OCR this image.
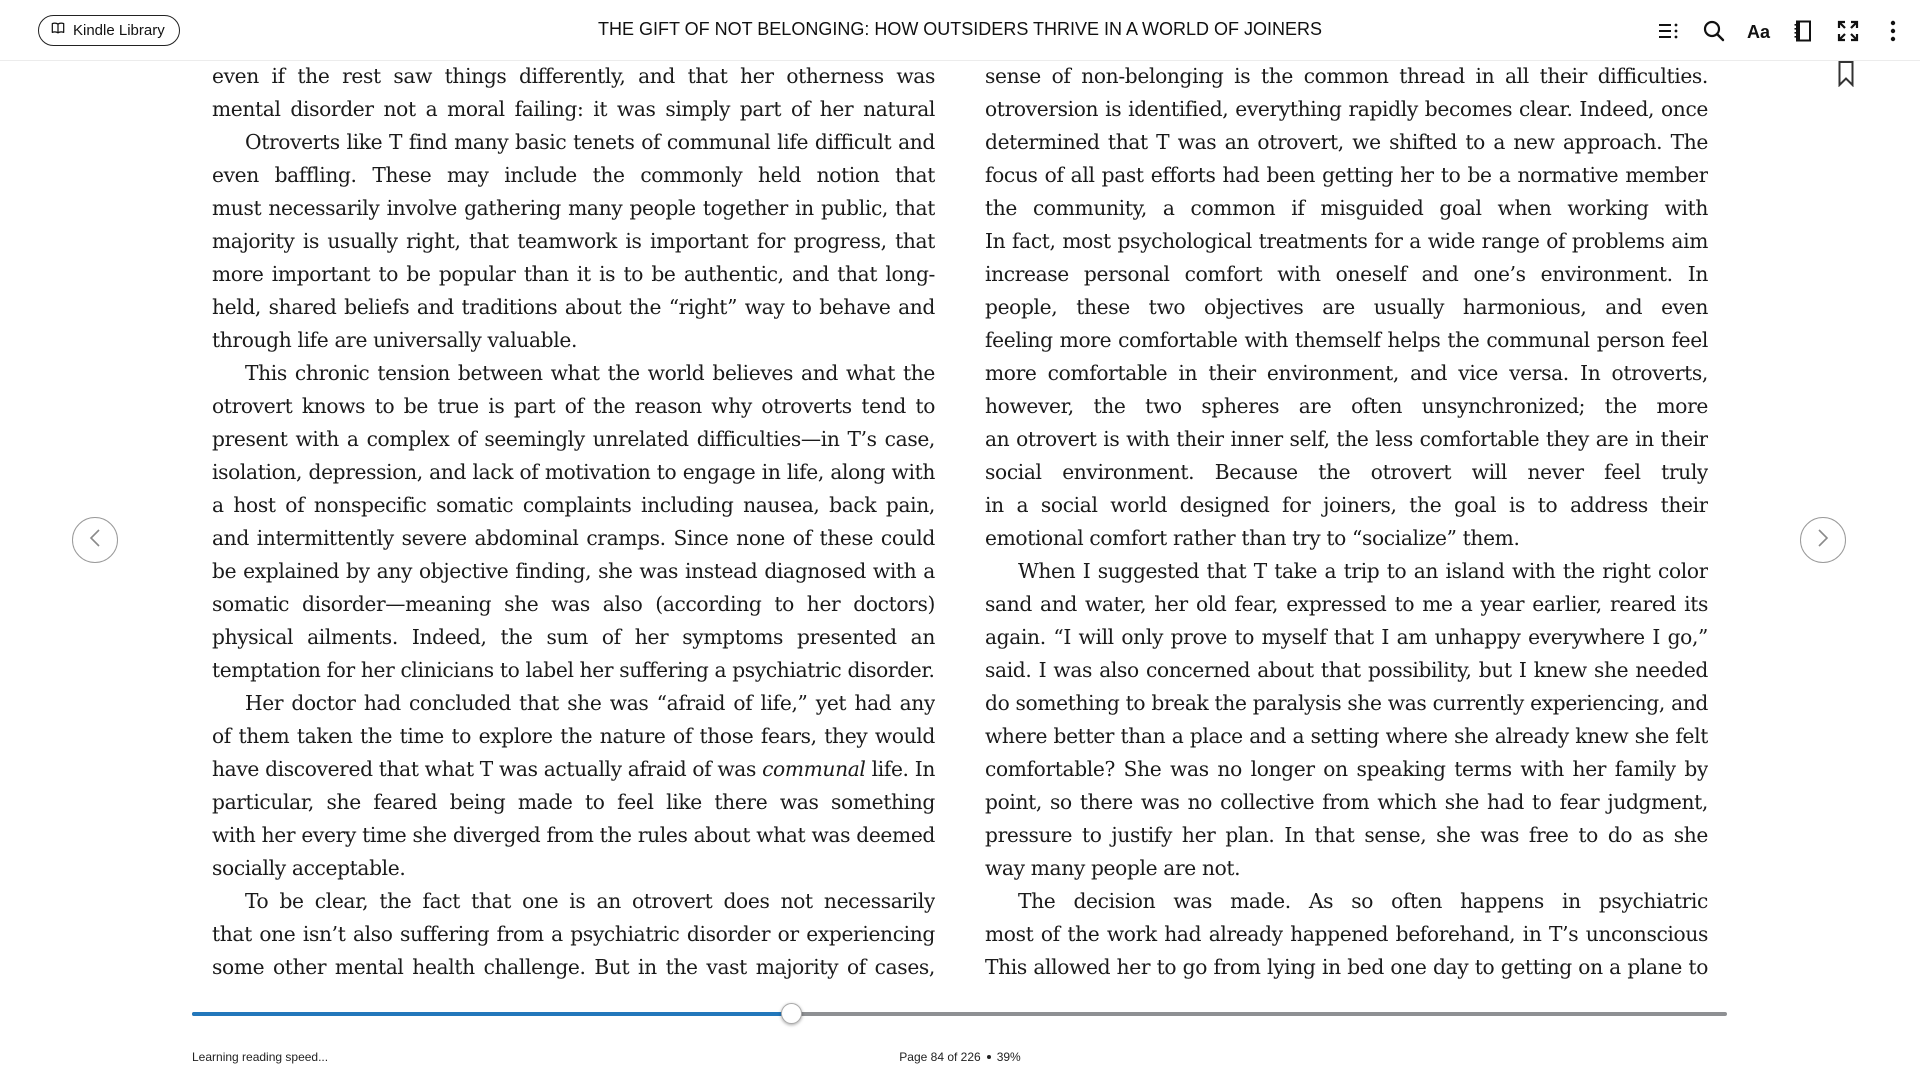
Kindle Library	THE GIFT OF NOT BELONGING: HOW OUTSIDERS THRIVE IN A WORLD OF JOINERS	Aa
even if the rest saw things differently, and that her otherness was
mental disorder not a moral failing: it was simply part of her natural
Otroverts like T find many basic tenets of communal life difficult and
even baffling. These may include the commonly held notion that
must necessarily involve gathering many people together in public, that
majority is usually right, that teamwork is important for progress, that
more important to be popular than it is to be authentic, and that long-
held, shared beliefs and traditions about the “right” way to behave and
through life are universally valuable.
This chronic tension between what the world believes and what the
otrovert knows to be true is part of the reason why otroverts tend to
present with a complex of seemingly unrelated difficulties—in T’s case,
isolation, depression, and lack of motivation to engage in life, along with
a host of nonspecific somatic complaints including nausea, back pain,
and intermittently severe abdominal cramps. Since none of these could
be explained by any objective finding, she was instead diagnosed with a
somatic disorder—meaning she was also (according to her doctors)
physical ailments. Indeed, the sum of her symptoms presented an
temptation for her clinicians to label her suffering a psychiatric disorder.
Her doctor had concluded that she was “afraid of life,” yet had any
of them taken the time to explore the nature of those fears, they would
have discovered that what T was actually afraid of was communal life. In
particular, she feared being made to feel like there was something
with her every time she diverged from the rules about what was deemed
socially acceptable.
To be clear, the fact that one is an otrovert does not necessarily
that one isn’t also suffering from a psychiatric disorder or experiencing
some other mental health challenge. But in the vast majority of cases,
sense of non-belonging is the common thread in all their difficulties.
otroversion is identified, everything rapidly becomes clear. Indeed, once
determined that T was an otrovert, we shifted to a new approach. The
focus of all past efforts had been getting her to be a normative member
the community, a common if misguided goal when working with
In fact, most psychological treatments for a wide range of problems aim
increase personal comfort with oneself and one’s environment. In
people, these two objectives are usually harmonious, and even
feeling more comfortable with themself helps the communal person feel
more comfortable in their environment, and vice versa. In otroverts,
however, the two spheres are often unsynchronized; the more
an otrovert is with their inner self, the less comfortable they are in their
social environment. Because the otrovert will never feel truly
in a social world designed for joiners, the goal is to address their
emotional comfort rather than try to “socialize” them.
When I suggested that T take a trip to an island with the right color
sand and water, her old fear, expressed to me a year earlier, reared its
again. “I will only prove to myself that I am unhappy everywhere I go,”
said. I was also concerned about that possibility, but I knew she needed
do something to break the paralysis she was currently experiencing, and
where better than a place and a setting where she already knew she felt
comfortable? She was no longer on speaking terms with her family by
point, so there was no collective from which she had to fear judgment,
pressure to justify her plan. In that sense, she was free to do as she
way many people are not.
The decision was made. As so often happens in psychiatric
most of the work had already happened beforehand, in T’s unconscious
This allowed her to go from lying in bed one day to getting on a plane to
Learning reading speed...	Page 84 of 226 39%
